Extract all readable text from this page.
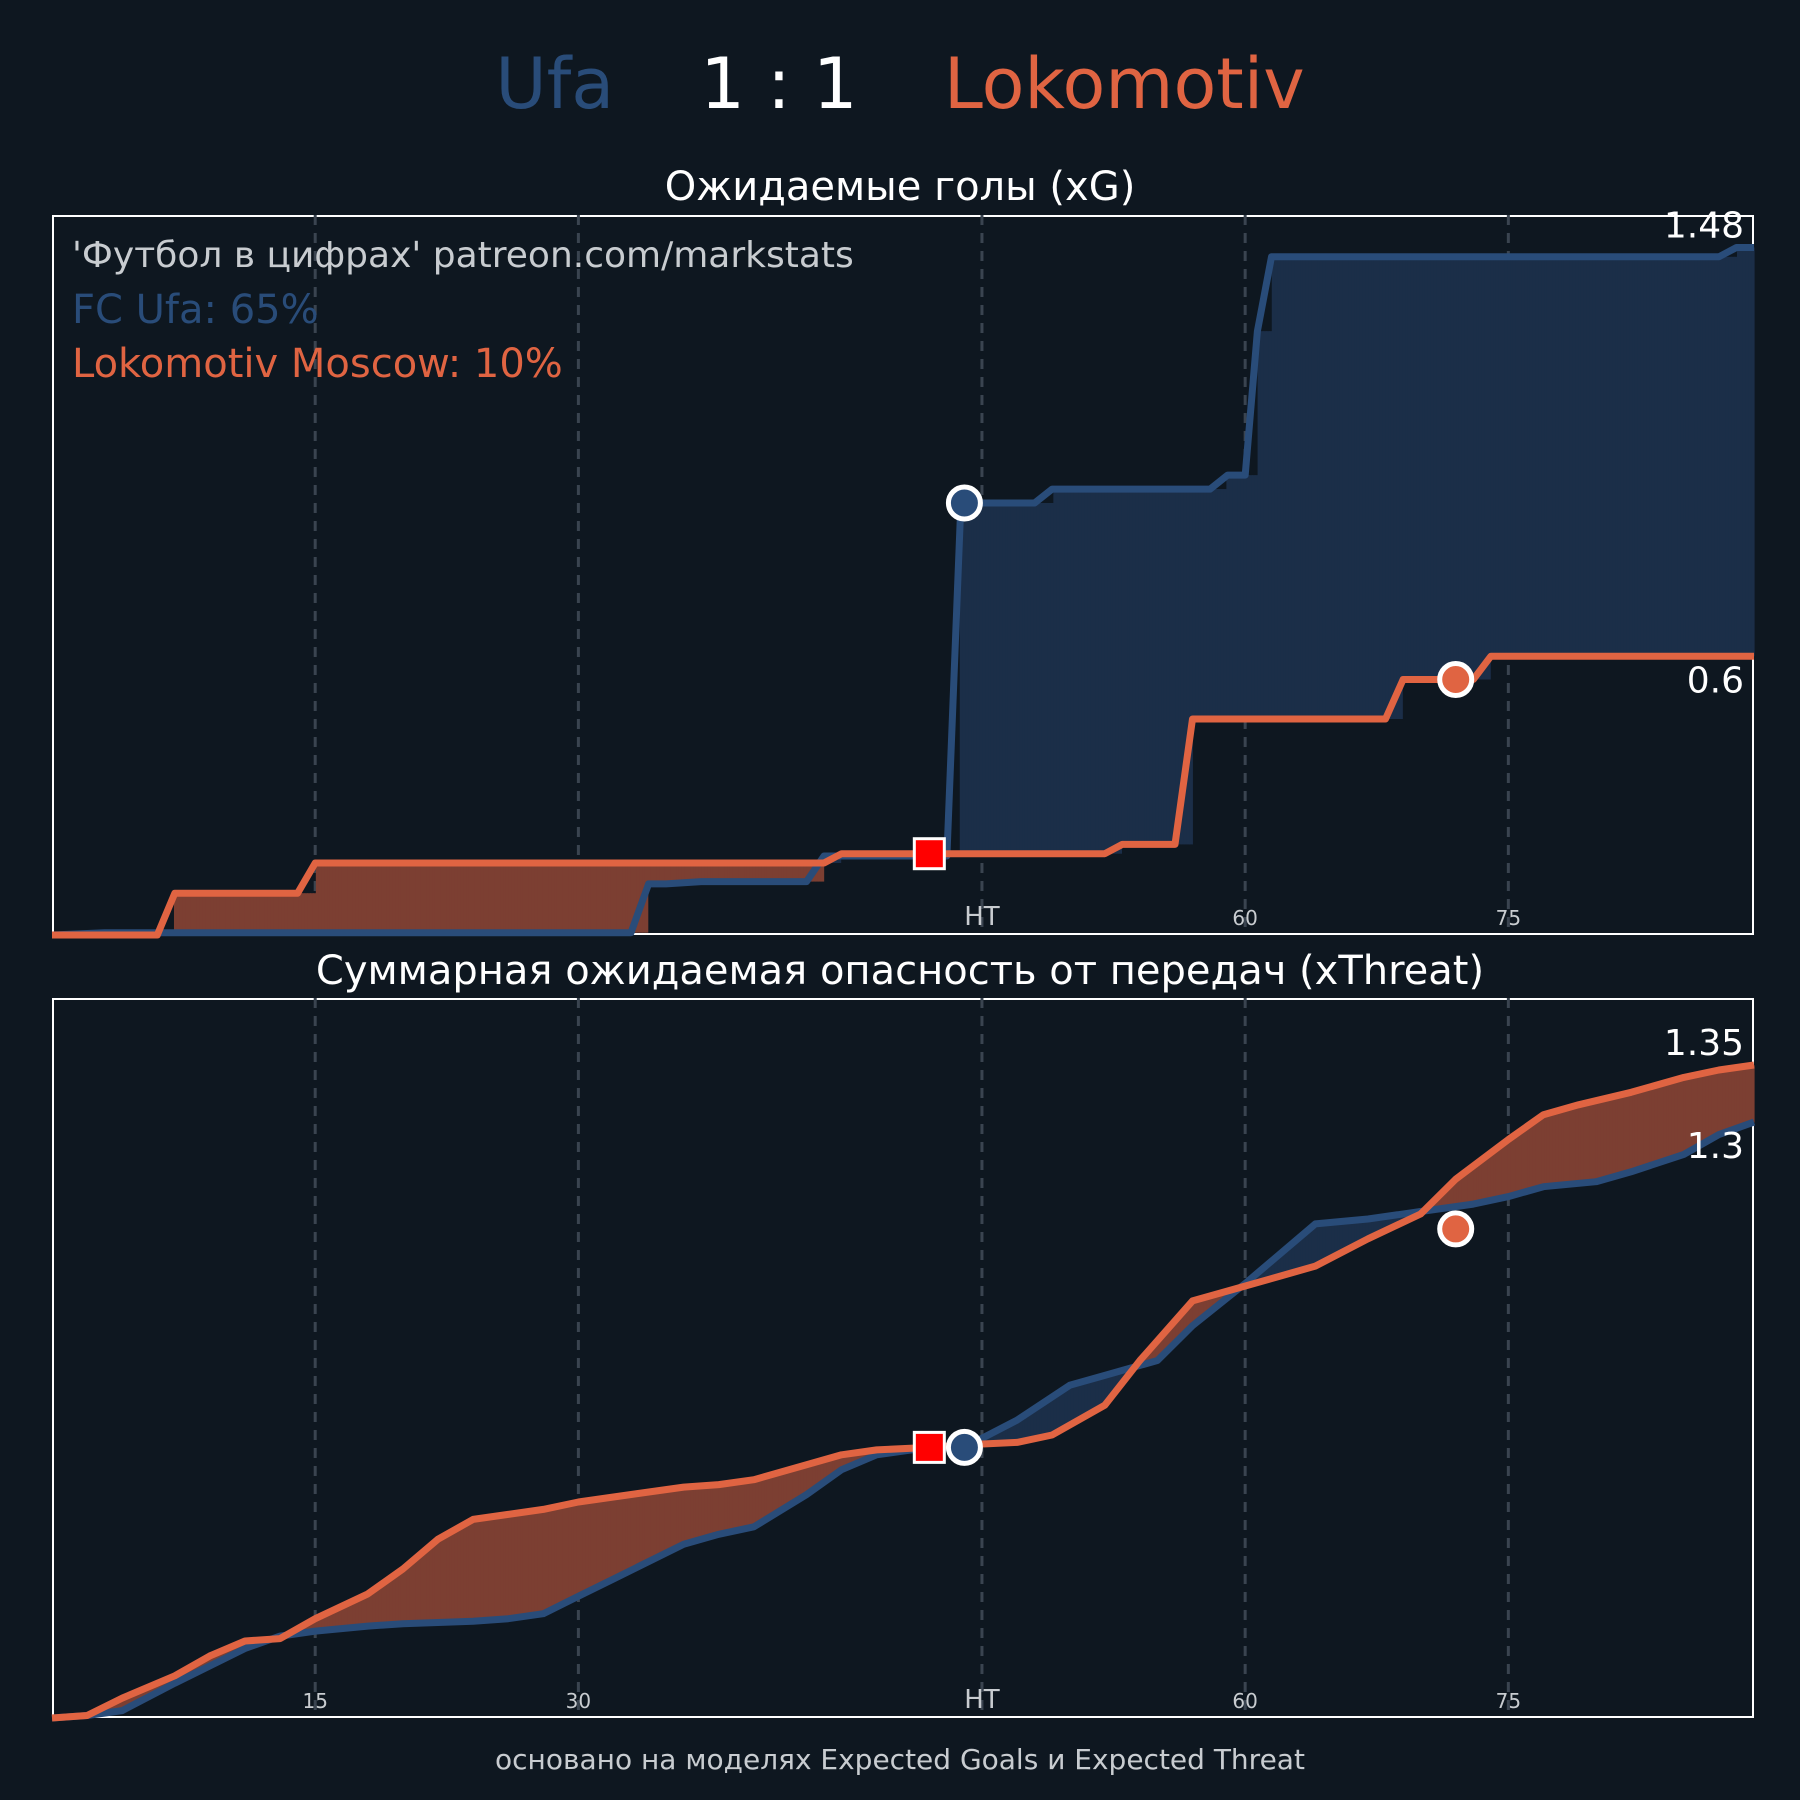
Ufa 1 : 1 Lokomotiv
Ожидаемые голы (xG)
HT	60	75
1.48
0.6
'Футбол в цифрах' patreon.com/markstats
FC Ufa: 65%
Lokomotiv Moscow: 10%
Суммарная ожидаемая опасность от передач (xThreat)
15	30	HT	60	75
1.3
1.35
основано на моделях Expected Goals и Expected Threat
